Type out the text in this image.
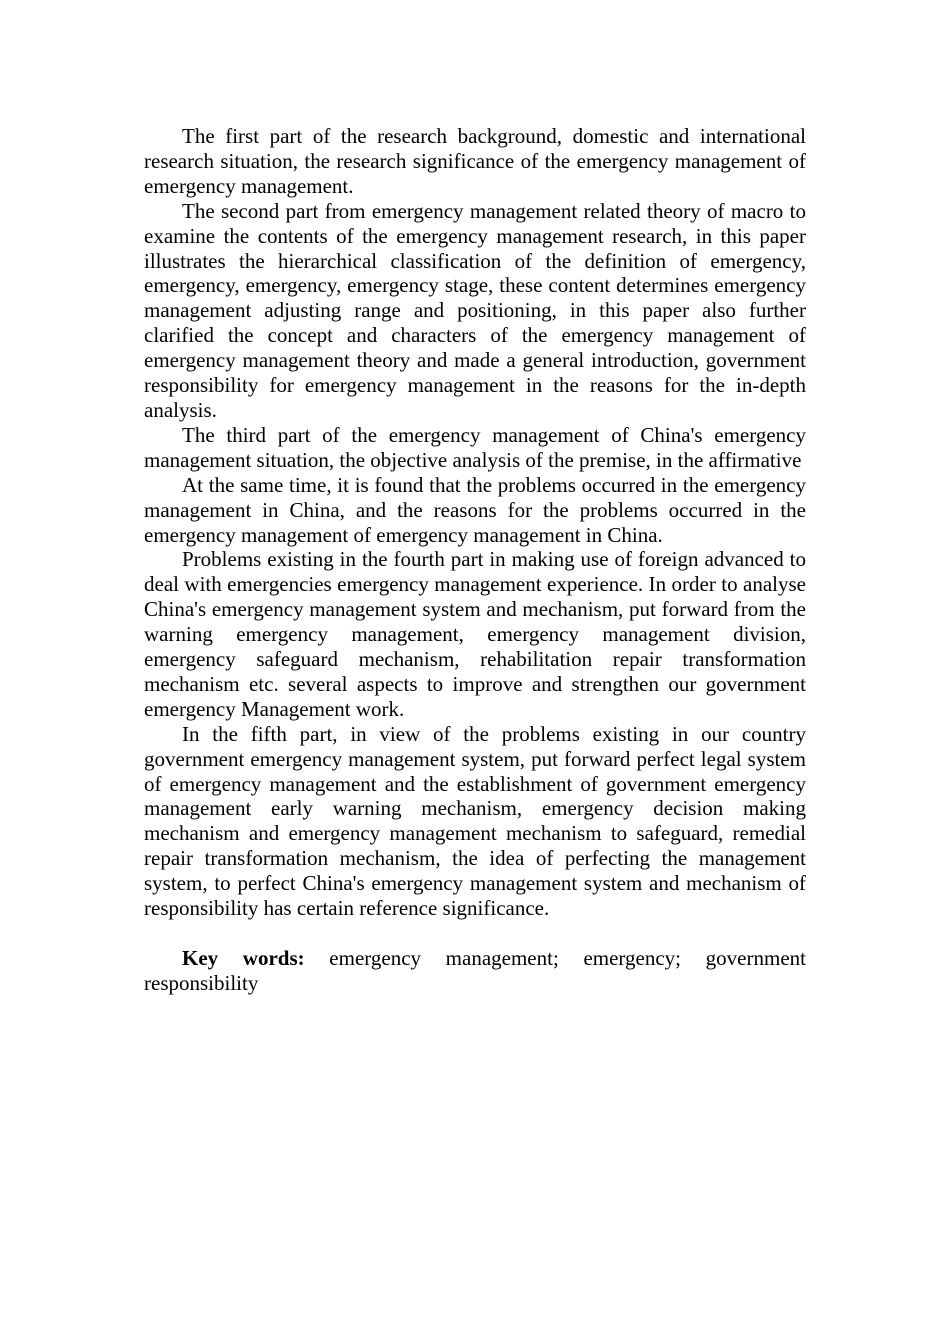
The first part of the research background, domestic and international research situation, the research significance of the emergency management of emergency management.

The second part from emergency management related theory of macro to examine the contents of the emergency management research, in this paper illustrates the hierarchical classification of the definition of emergency, emergency, emergency, emergency stage, these content determines emergency management adjusting range and positioning, in this paper also further clarified the concept and characters of the emergency management of emergency management theory and made a general introduction, government responsibility for emergency management in the reasons for the in-depth analysis.

The third part of the emergency management of China's emergency management situation, the objective analysis of the premise, in the affirmative

At the same time, it is found that the problems occurred in the emergency management in China, and the reasons for the problems occurred in the emergency management of emergency management in China.

Problems existing in the fourth part in making use of foreign advanced to deal with emergencies emergency management experience. In order to analyse China's emergency management system and mechanism, put forward from the warning emergency management, emergency management division, emergency safeguard mechanism, rehabilitation repair transformation mechanism etc. several aspects to improve and strengthen our government emergency Management work.

In the fifth part, in view of the problems existing in our country government emergency management system, put forward perfect legal system of emergency management and the establishment of government emergency management early warning mechanism, emergency decision making mechanism and emergency management mechanism to safeguard, remedial repair transformation mechanism, the idea of perfecting the management system, to perfect China's emergency management system and mechanism of responsibility has certain reference significance.

Key words: emergency management; emergency; government responsibility
